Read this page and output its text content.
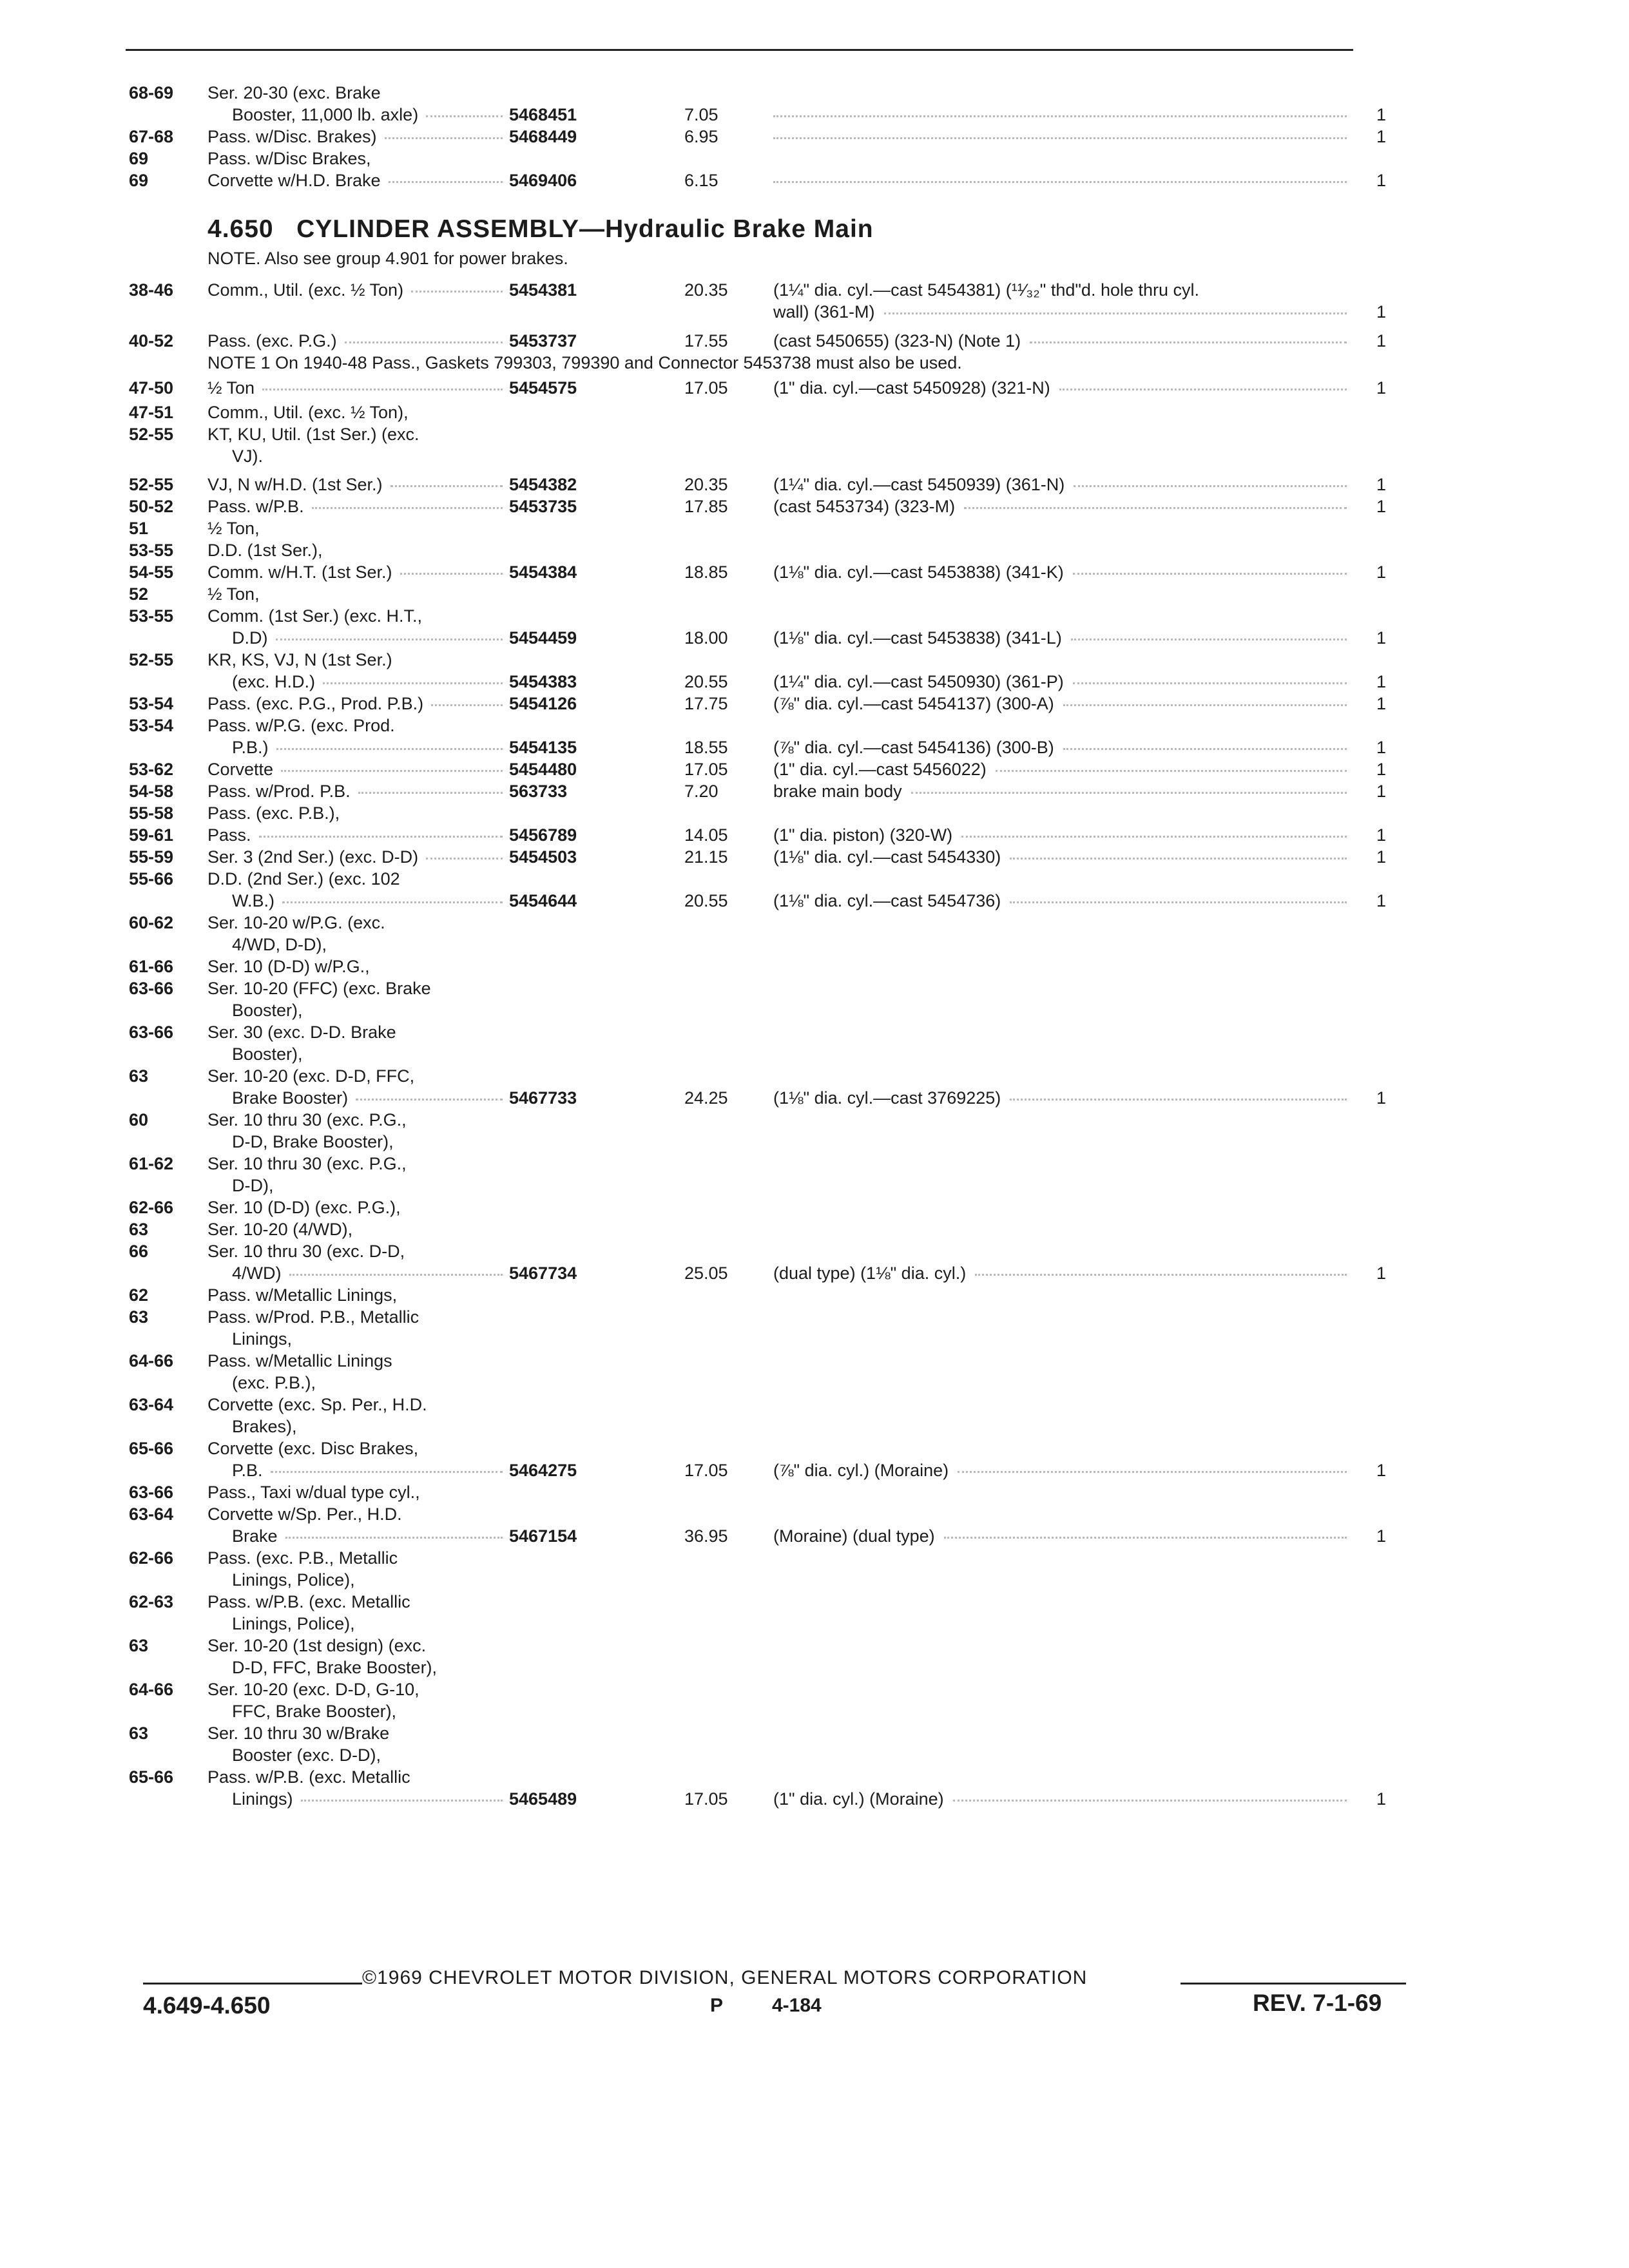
68-69 Ser. 20-30 (exc. Brake
Booster, 11,000 lb. axle)	5468451	7.05	1
67-68 Pass. w/Disc. Brakes)	5468449	6.95	1
69	Pass. w/Disc Brakes,
69	Corvette w/H.D. Brake	5469406	6.15	1
38-46 Comm., Util. (exc. ½ Ton)	5454381	20.35	(1¼" dia. cyl.—cast 5454381) (¹¹⁄₃₂" thd"d. hole thru cyl.
wall) (361-M)	1
40-52 Pass. (exc. P.G.)	5453737	17.55	(cast 5450655) (323-N) (Note 1)	1
NOTE 1 On 1940-48 Pass., Gaskets 799303, 799390 and Connector 5453738 must also be used.
47-50 ½ Ton	5454575	17.05	(1" dia. cyl.—cast 5450928) (321-N)	1
47-51 Comm., Util. (exc. ½ Ton),
52-55 KT, KU, Util. (1st Ser.) (exc.
VJ).
52-55 VJ, N w/H.D. (1st Ser.)	5454382	20.35	(1¼" dia. cyl.—cast 5450939) (361-N)	1
50-52 Pass. w/P.B.	5453735	17.85	(cast 5453734) (323-M)	1
51	½ Ton,
53-55 D.D. (1st Ser.),
54-55 Comm. w/H.T. (1st Ser.)	5454384	18.85	(1⅛" dia. cyl.—cast 5453838) (341-K)	1
52	½ Ton,
53-55 Comm. (1st Ser.) (exc. H.T.,
D.D)	5454459	18.00	(1⅛" dia. cyl.—cast 5453838) (341-L)	1
52-55 KR, KS, VJ, N (1st Ser.)
(exc. H.D.)	5454383	20.55	(1¼" dia. cyl.—cast 5450930) (361-P)	1
53-54 Pass. (exc. P.G., Prod. P.B.)	5454126	17.75	(⅞" dia. cyl.—cast 5454137) (300-A)	1
53-54 Pass. w/P.G. (exc. Prod.
P.B.)	5454135	18.55	(⅞" dia. cyl.—cast 5454136) (300-B)	1
53-62 Corvette	5454480	17.05	(1" dia. cyl.—cast 5456022)	1
54-58 Pass. w/Prod. P.B.	563733	7.20	brake main body	1
55-58 Pass. (exc. P.B.),
59-61 Pass.	5456789	14.05	(1" dia. piston) (320-W)	1
55-59 Ser. 3 (2nd Ser.) (exc. D-D)	5454503	21.15	(1⅛" dia. cyl.—cast 5454330)	1
55-66 D.D. (2nd Ser.) (exc. 102
W.B.)	5454644	20.55	(1⅛" dia. cyl.—cast 5454736)	1
60-62 Ser. 10-20 w/P.G. (exc.
4/WD, D-D),
61-66 Ser. 10 (D-D) w/P.G.,
63-66 Ser. 10-20 (FFC) (exc. Brake
Booster),
63-66 Ser. 30 (exc. D-D. Brake
Booster),
63	Ser. 10-20 (exc. D-D, FFC,
Brake Booster)	5467733	24.25	(1⅛" dia. cyl.—cast 3769225)	1
60	Ser. 10 thru 30 (exc. P.G.,
D-D, Brake Booster),
61-62 Ser. 10 thru 30 (exc. P.G.,
D-D),
62-66 Ser. 10 (D-D) (exc. P.G.),
63	Ser. 10-20 (4/WD),
66	Ser. 10 thru 30 (exc. D-D,
4/WD)	5467734	25.05	(dual type) (1⅛" dia. cyl.)	1
62	Pass. w/Metallic Linings,
63	Pass. w/Prod. P.B., Metallic
Linings,
64-66 Pass. w/Metallic Linings
(exc. P.B.),
63-64 Corvette (exc. Sp. Per., H.D.
Brakes),
65-66 Corvette (exc. Disc Brakes,
P.B.	5464275	17.05	(⅞" dia. cyl.) (Moraine)	1
63-66 Pass., Taxi w/dual type cyl.,
63-64 Corvette w/Sp. Per., H.D.
Brake	5467154	36.95	(Moraine) (dual type)	1
62-66 Pass. (exc. P.B., Metallic
Linings, Police),
62-63 Pass. w/P.B. (exc. Metallic
Linings, Police),
63	Ser. 10-20 (1st design) (exc.
D-D, FFC, Brake Booster),
64-66 Ser. 10-20 (exc. D-D, G-10,
FFC, Brake Booster),
63	Ser. 10 thru 30 w/Brake
Booster (exc. D-D),
65-66 Pass. w/P.B. (exc. Metallic
Linings)	5465489	17.05	(1" dia. cyl.) (Moraine)	1
4.650 CYLINDER ASSEMBLY—Hydraulic Brake Main
NOTE. Also see group 4.901 for power brakes.
©1969 CHEVROLET MOTOR DIVISION, GENERAL MOTORS CORPORATION
4.649-4.650	P	4-184	REV. 7-1-69
